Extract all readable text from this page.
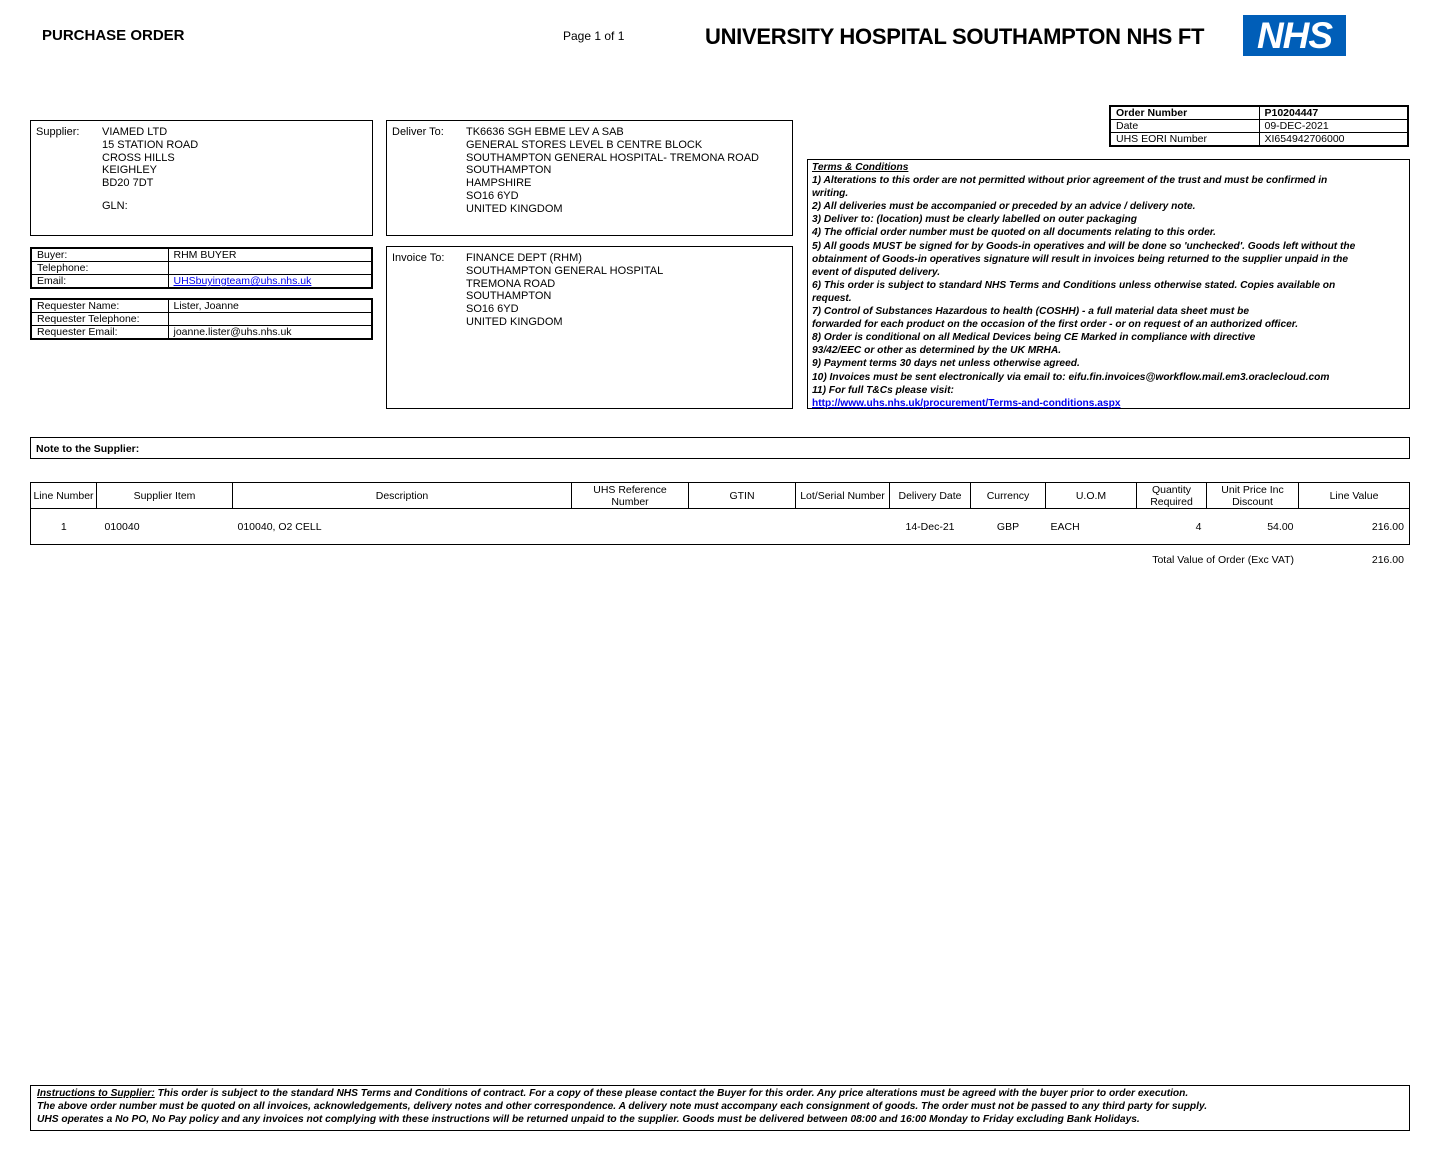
PURCHASE ORDER	Page 1 of 1	UNIVERSITY HOSPITAL SOUTHAMPTON NHS FT	NHS
Order Number	P10204447
Date	09-DEC-2021
UHS EORI Number	XI654942706000
Supplier: VIAMED LTD
15 STATION ROAD
CROSS HILLS
KEIGHLEY
BD20 7DT
GLN:
Deliver To: TK6636 SGH EBME LEV A SAB
GENERAL STORES LEVEL B CENTRE BLOCK
SOUTHAMPTON GENERAL HOSPITAL- TREMONA ROAD
SOUTHAMPTON
HAMPSHIRE
SO16 6YD
UNITED KINGDOM
Terms & Conditions
1) Alterations to this order are not permitted without prior agreement of the trust and must be confirmed in
writing.
2) All deliveries must be accompanied or preceded by an advice / delivery note.
3) Deliver to: (location) must be clearly labelled on outer packaging
4) The official order number must be quoted on all documents relating to this order.
5) All goods MUST be signed for by Goods-in operatives and will be done so 'unchecked'. Goods left without the
obtainment of Goods-in operatives signature will result in invoices being returned to the supplier unpaid in the
event of disputed delivery.
6) This order is subject to standard NHS Terms and Conditions unless otherwise stated. Copies available on
request.
7) Control of Substances Hazardous to health (COSHH) - a full material data sheet must be
forwarded for each product on the occasion of the first order - or on request of an authorized officer.
8) Order is conditional on all Medical Devices being CE Marked in compliance with directive
93/42/EEC or other as determined by the UK MRHA.
9) Payment terms 30 days net unless otherwise agreed.
10) Invoices must be sent electronically via email to: eifu.fin.invoices@workflow.mail.em3.oraclecloud.com
11) For full T&Cs please visit:
http://www.uhs.nhs.uk/procurement/Terms-and-conditions.aspx
Buyer:	RHM BUYER
Telephone:	
Email:	UHSbuyingteam@uhs.nhs.uk
Requester Name:	Lister, Joanne
Requester Telephone:	
Requester Email:	joanne.lister@uhs.nhs.uk
Invoice To: FINANCE DEPT (RHM)
SOUTHAMPTON GENERAL HOSPITAL
TREMONA ROAD
SOUTHAMPTON
SO16 6YD
UNITED KINGDOM
Note to the Supplier:
Line Number	Supplier Item	Description	UHS Reference Number	GTIN	Lot/Serial Number	Delivery Date	Currency	U.O.M	Quantity Required	Unit Price Inc Discount	Line Value
1	010040	010040, O2 CELL				14-Dec-21	GBP	EACH	4	54.00	216.00
Total Value of Order (Exc VAT)	216.00
Instructions to Supplier: This order is subject to the standard NHS Terms and Conditions of contract. For a copy of these please contact the Buyer for this order. Any price alterations must be agreed with the buyer prior to order execution.
The above order number must be quoted on all invoices, acknowledgements, delivery notes and other correspondence. A delivery note must accompany each consignment of goods. The order must not be passed to any third party for supply.
UHS operates a No PO, No Pay policy and any invoices not complying with these instructions will be returned unpaid to the supplier. Goods must be delivered between 08:00 and 16:00 Monday to Friday excluding Bank Holidays.
